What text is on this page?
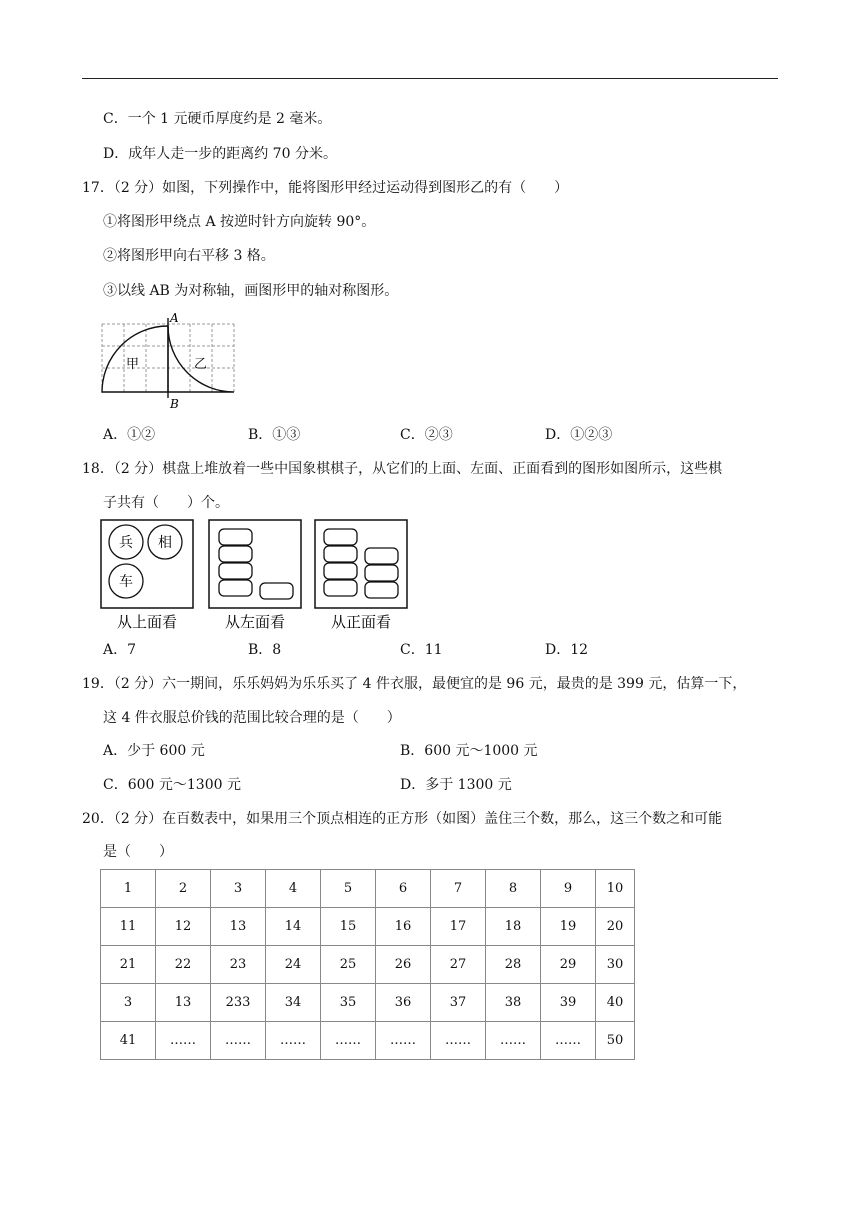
C．一个 1 元硬币厚度约是 2 毫米。
D．成年人走一步的距离约 70 分米。
17．（2 分）如图，下列操作中，能将图形甲经过运动得到图形乙的有（　　）
①将图形甲绕点 A 按逆时针方向旋转 90°。
②将图形甲向右平移 3 格。
③以线 AB 为对称轴，画图形甲的轴对称图形。
A
B
甲	乙
A．①②	B．①③	C．②③	D．①②③
18．（2 分）棋盘上堆放着一些中国象棋棋子，从它们的上面、左面、正面看到的图形如图所示，这些棋
子共有（　　）个。
兵 相
车
从上面看	从左面看	从正面看
A．7	B．8	C．11	D．12
19．（2 分）六一期间，乐乐妈妈为乐乐买了 4 件衣服，最便宜的是 96 元，最贵的是 399 元，估算一下，
这 4 件衣服总价钱的范围比较合理的是（　　）
A．少于 600 元	B．600 元～1000 元
C．600 元～1300 元	D．多于 1300 元
20．（2 分）在百数表中，如果用三个顶点相连的正方形（如图）盖住三个数，那么，这三个数之和可能
是（　　）
1	2	3	4	5	6	7	8	9	10
11	12	13	14	15	16	17	18	19	20
21	22	23	24	25	26	27	28	29	30
3	13	233	34	35	36	37	38	39	40
41	……	……	……	……	……	……	……	……	50
